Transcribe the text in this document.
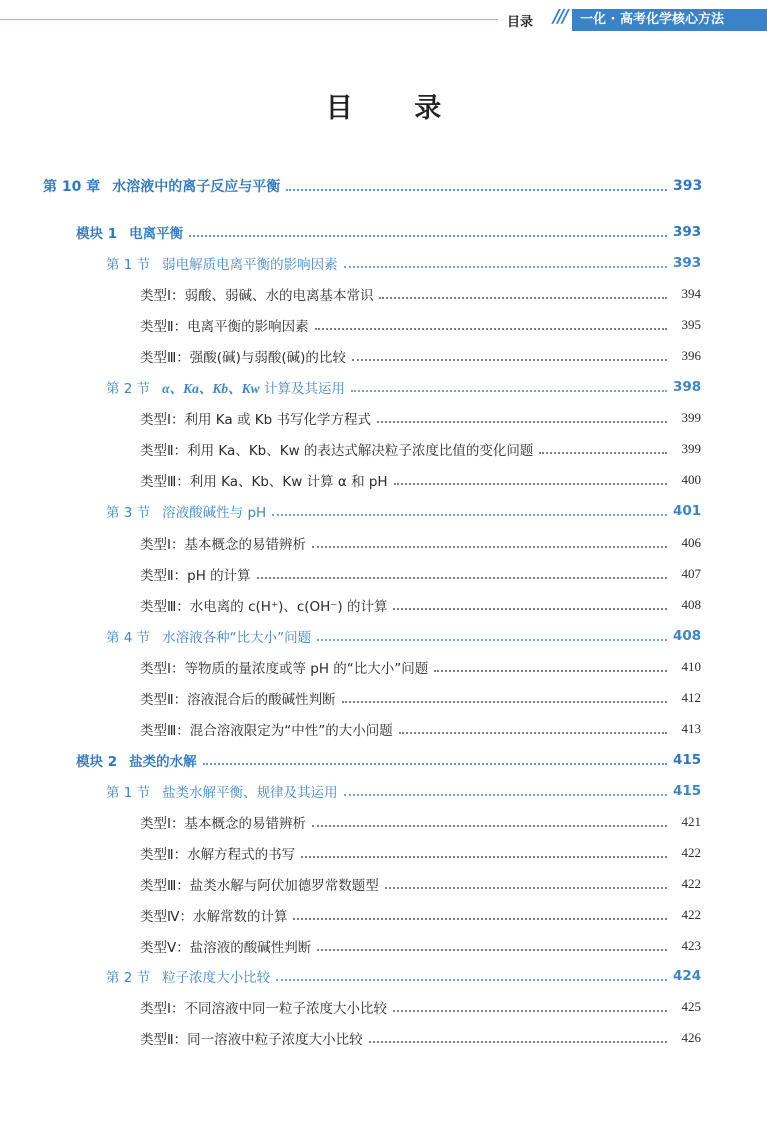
目录 ///	一化 · 高考化学核心方法
目 录
第 10 章 水溶液中的离子反应与平衡	393
模块 1 电离平衡	393
第 1 节 弱电解质电离平衡的影响因素	393
类型Ⅰ：弱酸、弱碱、水的电离基本常识	394
类型Ⅱ：电离平衡的影响因素	395
类型Ⅲ：强酸(碱)与弱酸(碱)的比较	396
第 2 节 α、Ka、Kb、Kw 计算及其运用	398
类型Ⅰ：利用 Ka 或 Kb 书写化学方程式	399
类型Ⅱ：利用 Ka、Kb、Kw 的表达式解决粒子浓度比值的变化问题	399
类型Ⅲ：利用 Ka、Kb、Kw 计算 α 和 pH	400
第 3 节 溶液酸碱性与 pH	401
类型Ⅰ：基本概念的易错辨析	406
类型Ⅱ：pH 的计算	407
类型Ⅲ：水电离的 c(H⁺)、c(OH⁻) 的计算	408
第 4 节 水溶液各种“比大小”问题	408
类型Ⅰ：等物质的量浓度或等 pH 的“比大小”问题	410
类型Ⅱ：溶液混合后的酸碱性判断	412
类型Ⅲ：混合溶液限定为“中性”的大小问题	413
模块 2 盐类的水解	415
第 1 节 盐类水解平衡、规律及其运用	415
类型Ⅰ：基本概念的易错辨析	421
类型Ⅱ：水解方程式的书写	422
类型Ⅲ：盐类水解与阿伏加德罗常数题型	422
类型Ⅳ：水解常数的计算	422
类型Ⅴ：盐溶液的酸碱性判断	423
第 2 节 粒子浓度大小比较	424
类型Ⅰ：不同溶液中同一粒子浓度大小比较	425
类型Ⅱ：同一溶液中粒子浓度大小比较	426
